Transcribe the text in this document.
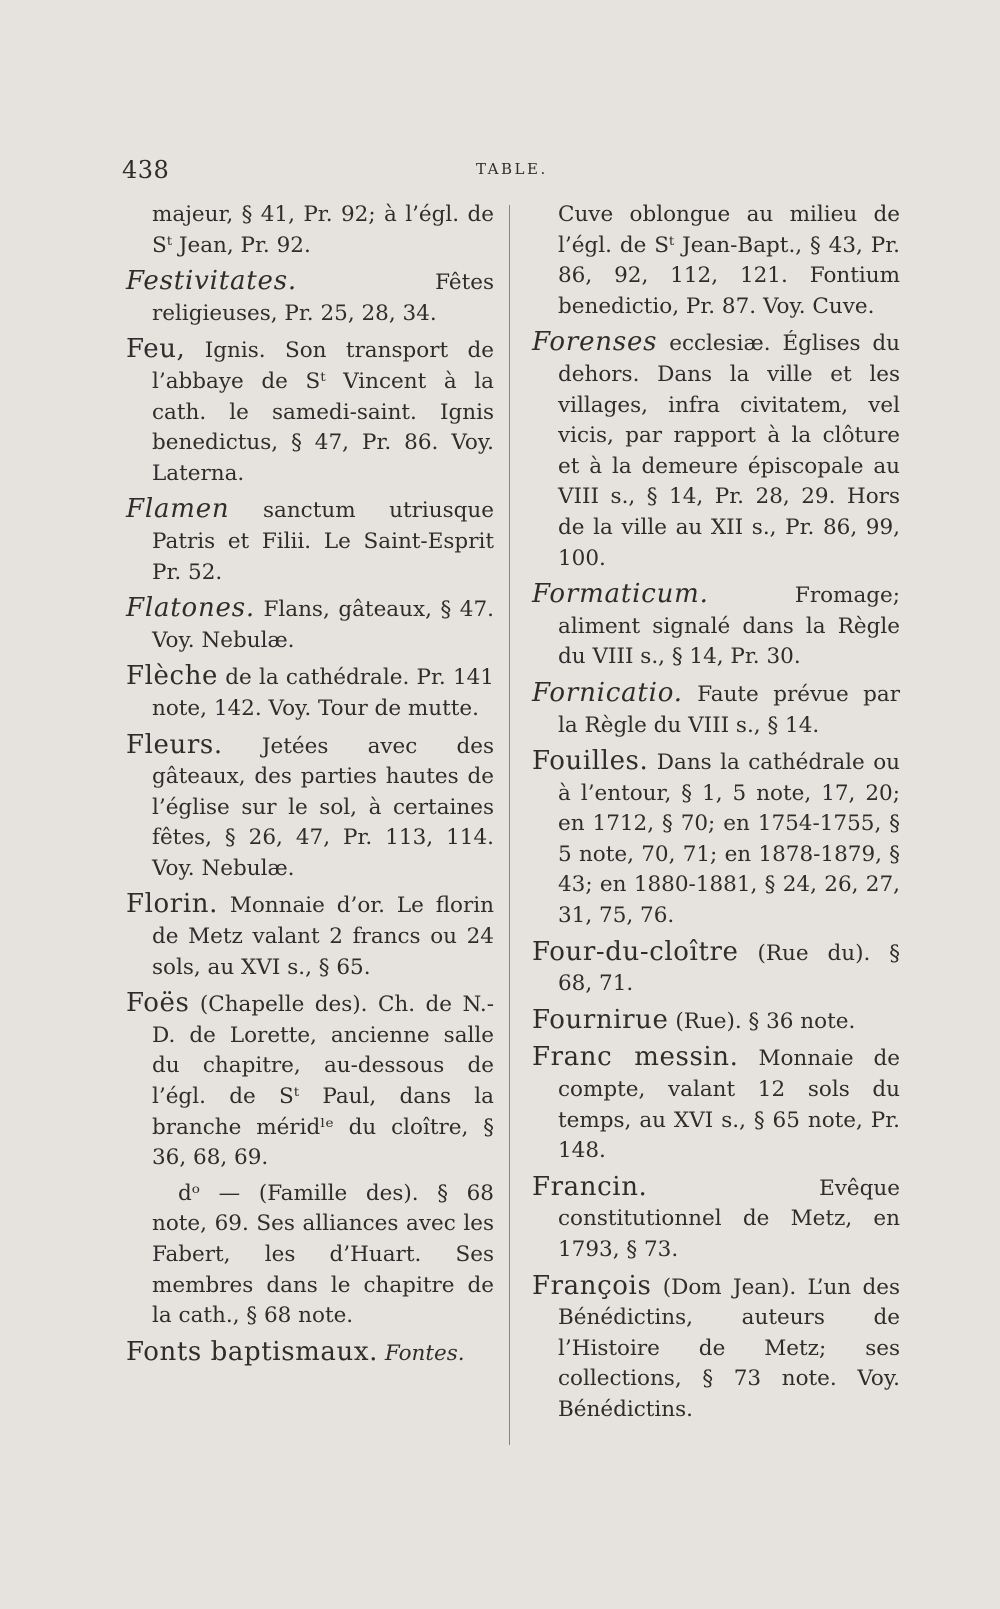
438	TABLE.

majeur, § 41, Pr. 92; à l’égl. de Sᵗ Jean, Pr. 92.

Festivitates.	Fêtes religieuses, Pr. 25, 28, 34.

Feu, Ignis. Son transport de l’abbaye de Sᵗ Vincent à la cath. le samedi-saint. Ignis benedictus, § 47, Pr. 86. Voy. Laterna.

Flamen sanctum utriusque Patris et Filii. Le Saint-Esprit Pr. 52.

Flatones. Flans, gâteaux, § 47. Voy. Nebulæ.

Flèche de la cathédrale. Pr. 141 note, 142. Voy. Tour de mutte.

Fleurs. Jetées avec des gâteaux, des parties hautes de l’église sur le sol, à certaines fêtes, § 26, 47, Pr. 113, 114. Voy. Nebulæ.

Florin. Monnaie d’or. Le florin de Metz valant 2 francs ou 24 sols, au XVI s., § 65.

Foës (Chapelle des). Ch. de N.-D. de Lorette, ancienne salle du chapitre, au-dessous de l’égl. de Sᵗ Paul, dans la branche méridˡᵉ du cloître, § 36, 68, 69.

dᵒ — (Famille des). § 68 note, 69. Ses alliances avec les Fabert, les d’Huart. Ses membres dans le chapitre de la cath., § 68 note.

Fonts baptismaux. Fontes.

Cuve oblongue au milieu de l’égl. de Sᵗ Jean-Bapt., § 43, Pr. 86, 92, 112, 121. Fontium benedictio, Pr. 87. Voy. Cuve.

Forenses ecclesiæ. Églises du dehors. Dans la ville et les villages, infra civitatem, vel vicis, par rapport à la clôture et à la demeure épiscopale au VIII s., § 14, Pr. 28, 29. Hors de la ville au XII s., Pr. 86, 99, 100.

Formaticum.	Fromage; aliment signalé dans la Règle du VIII s., § 14, Pr. 30.

Fornicatio. Faute prévue par la Règle du VIII s., § 14.

Fouilles. Dans la cathédrale ou à l’entour, § 1, 5 note, 17, 20; en 1712, § 70; en 1754-1755, § 5 note, 70, 71; en 1878-1879, § 43; en 1880-1881, § 24, 26, 27, 31, 75, 76.

Four-du-cloître (Rue du). § 68, 71.

Fournirue (Rue). § 36 note.

Franc messin. Monnaie de compte, valant 12 sols du temps, au XVI s., § 65 note, Pr. 148.

Francin.	Evêque constitutionnel de Metz, en 1793, § 73.

François (Dom Jean). L’un des Bénédictins, auteurs de l’Histoire de Metz; ses collections, § 73 note. Voy. Bénédictins.
